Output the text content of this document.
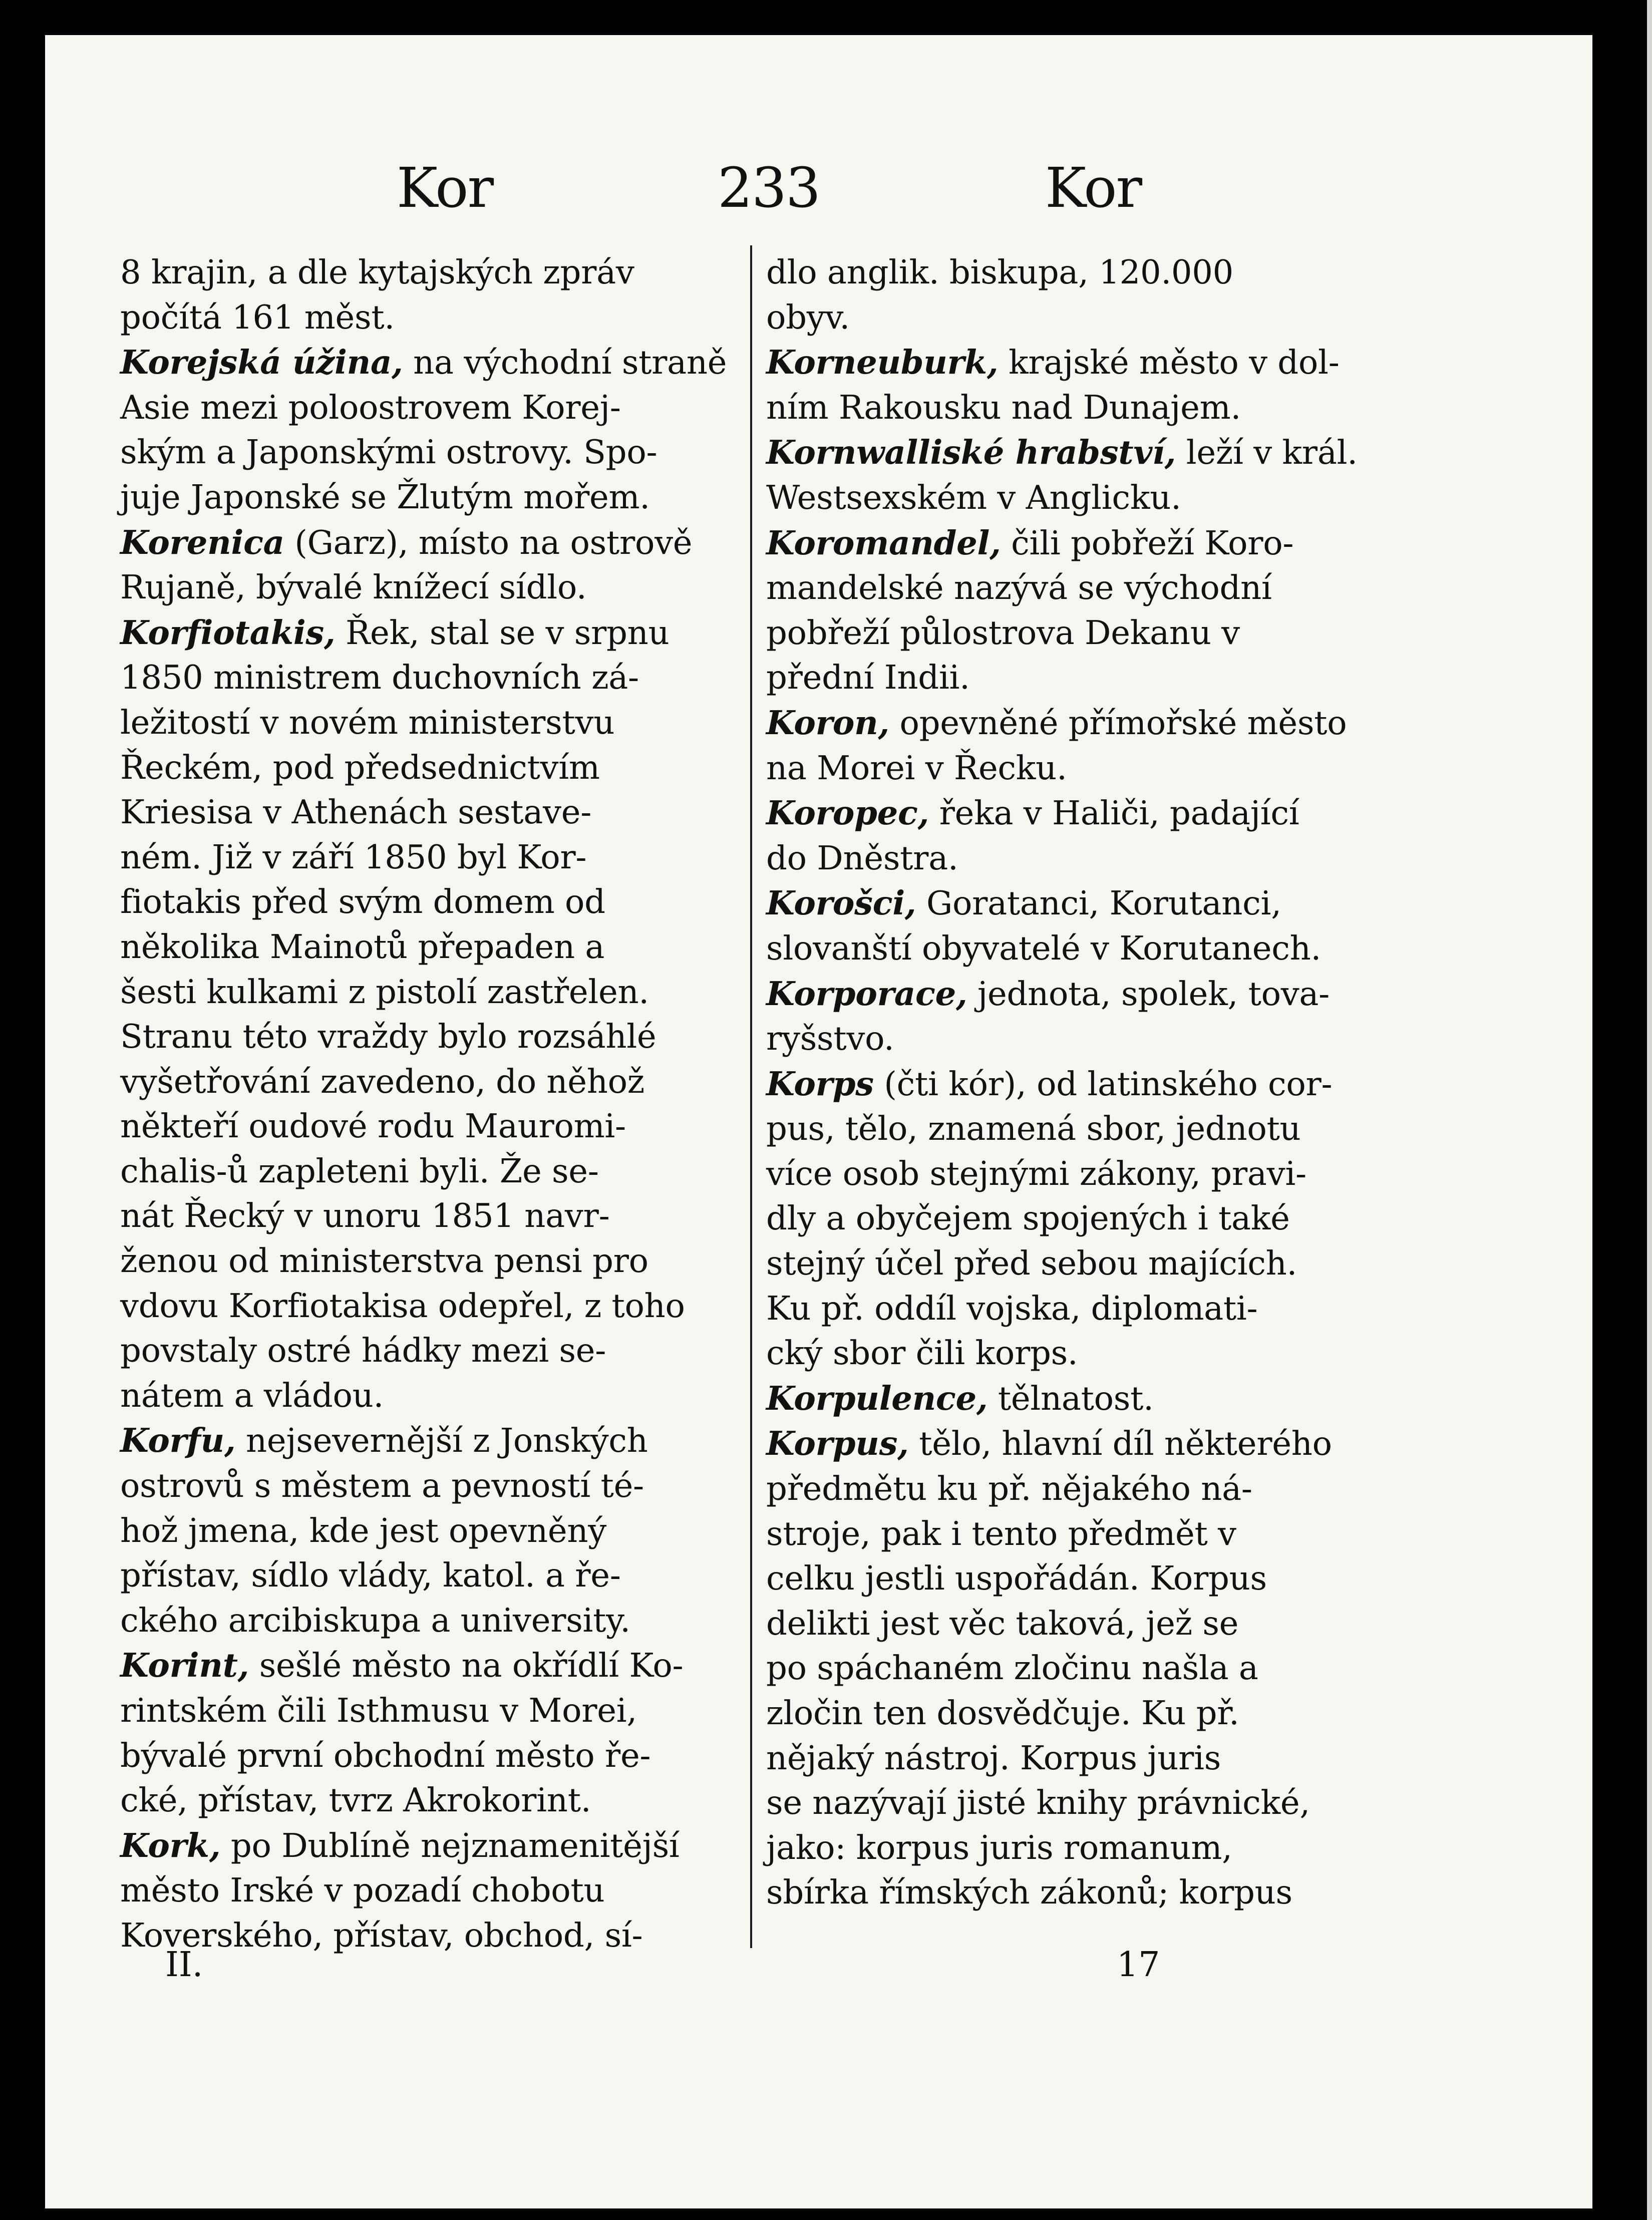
Kor	233	Kor

8 krajin, a dle kytajských zpráv
počítá 161 měst.

Korejská úžina, na východní straně
Asie mezi poloostrovem Korej-
ským a Japonskými ostrovy. Spo-
juje Japonské se Žlutým mořem.

Korenica (Garz), místo na ostrově
Rujaně, bývalé knížecí sídlo.

Korfiotakis, Řek, stal se v srpnu
1850 ministrem duchovních zá-
ležitostí v novém ministerstvu
Řeckém, pod předsednictvím
Kriesisa v Athenách sestave-
ném. Již v září 1850 byl Kor-
fiotakis před svým domem od
několika Mainotů přepaden a
šesti kulkami z pistolí zastřelen.
Stranu této vraždy bylo rozsáhlé
vyšetřování zavedeno, do něhož
někteří oudové rodu Mauromi-
chalis-ů zapleteni byli. Že se-
nát Řecký v unoru 1851 navr-
ženou od ministerstva pensi pro
vdovu Korfiotakisa odepřel, z toho
povstaly ostré hádky mezi se-
nátem a vládou.

Korfu, nejsevernější z Jonských
ostrovů s městem a pevností té-
hož jmena, kde jest opevněný
přístav, sídlo vlády, katol. a ře-
ckého arcibiskupa a university.

Korint, sešlé město na okřídlí Ko-
rintském čili Isthmusu v Morei,
bývalé první obchodní město ře-
cké, přístav, tvrz Akrokorint.

Kork, po Dublíně nejznamenitější
město Irské v pozadí chobotu
Koverského, přístav, obchod, sí-

dlo anglik. biskupa, 120.000
obyv.

Korneuburk, krajské město v dol-
ním Rakousku nad Dunajem.

Kornwalliské hrabství, leží v král.
Westsexském v Anglicku.

Koromandel, čili pobřeží Koro-
mandelské nazývá se východní
pobřeží půlostrova Dekanu v
přední Indii.

Koron, opevněné přímořské město
na Morei v Řecku.

Koropec, řeka v Haliči, padající
do Dněstra.

Korošci, Goratanci, Korutanci,
slovanští obyvatelé v Korutanech.

Korporace, jednota, spolek, tova-
ryšstvo.

Korps (čti kór), od latinského cor-
pus, tělo, znamená sbor, jednotu
více osob stejnými zákony, pravi-
dly a obyčejem spojených i také
stejný účel před sebou majících.
Ku př. oddíl vojska, diplomati-
cký sbor čili korps.

Korpulence, tělnatost.

Korpus, tělo, hlavní díl některého
předmětu ku př. nějakého ná-
stroje, pak i tento předmět v
celku jestli uspořádán. Korpus
delikti jest věc taková, jež se
po spáchaném zločinu našla a
zločin ten dosvědčuje. Ku př.
nějaký nástroj. Korpus juris
se nazývají jisté knihy právnické,
jako: korpus juris romanum,
sbírka římských zákonů; korpus

II.	17
